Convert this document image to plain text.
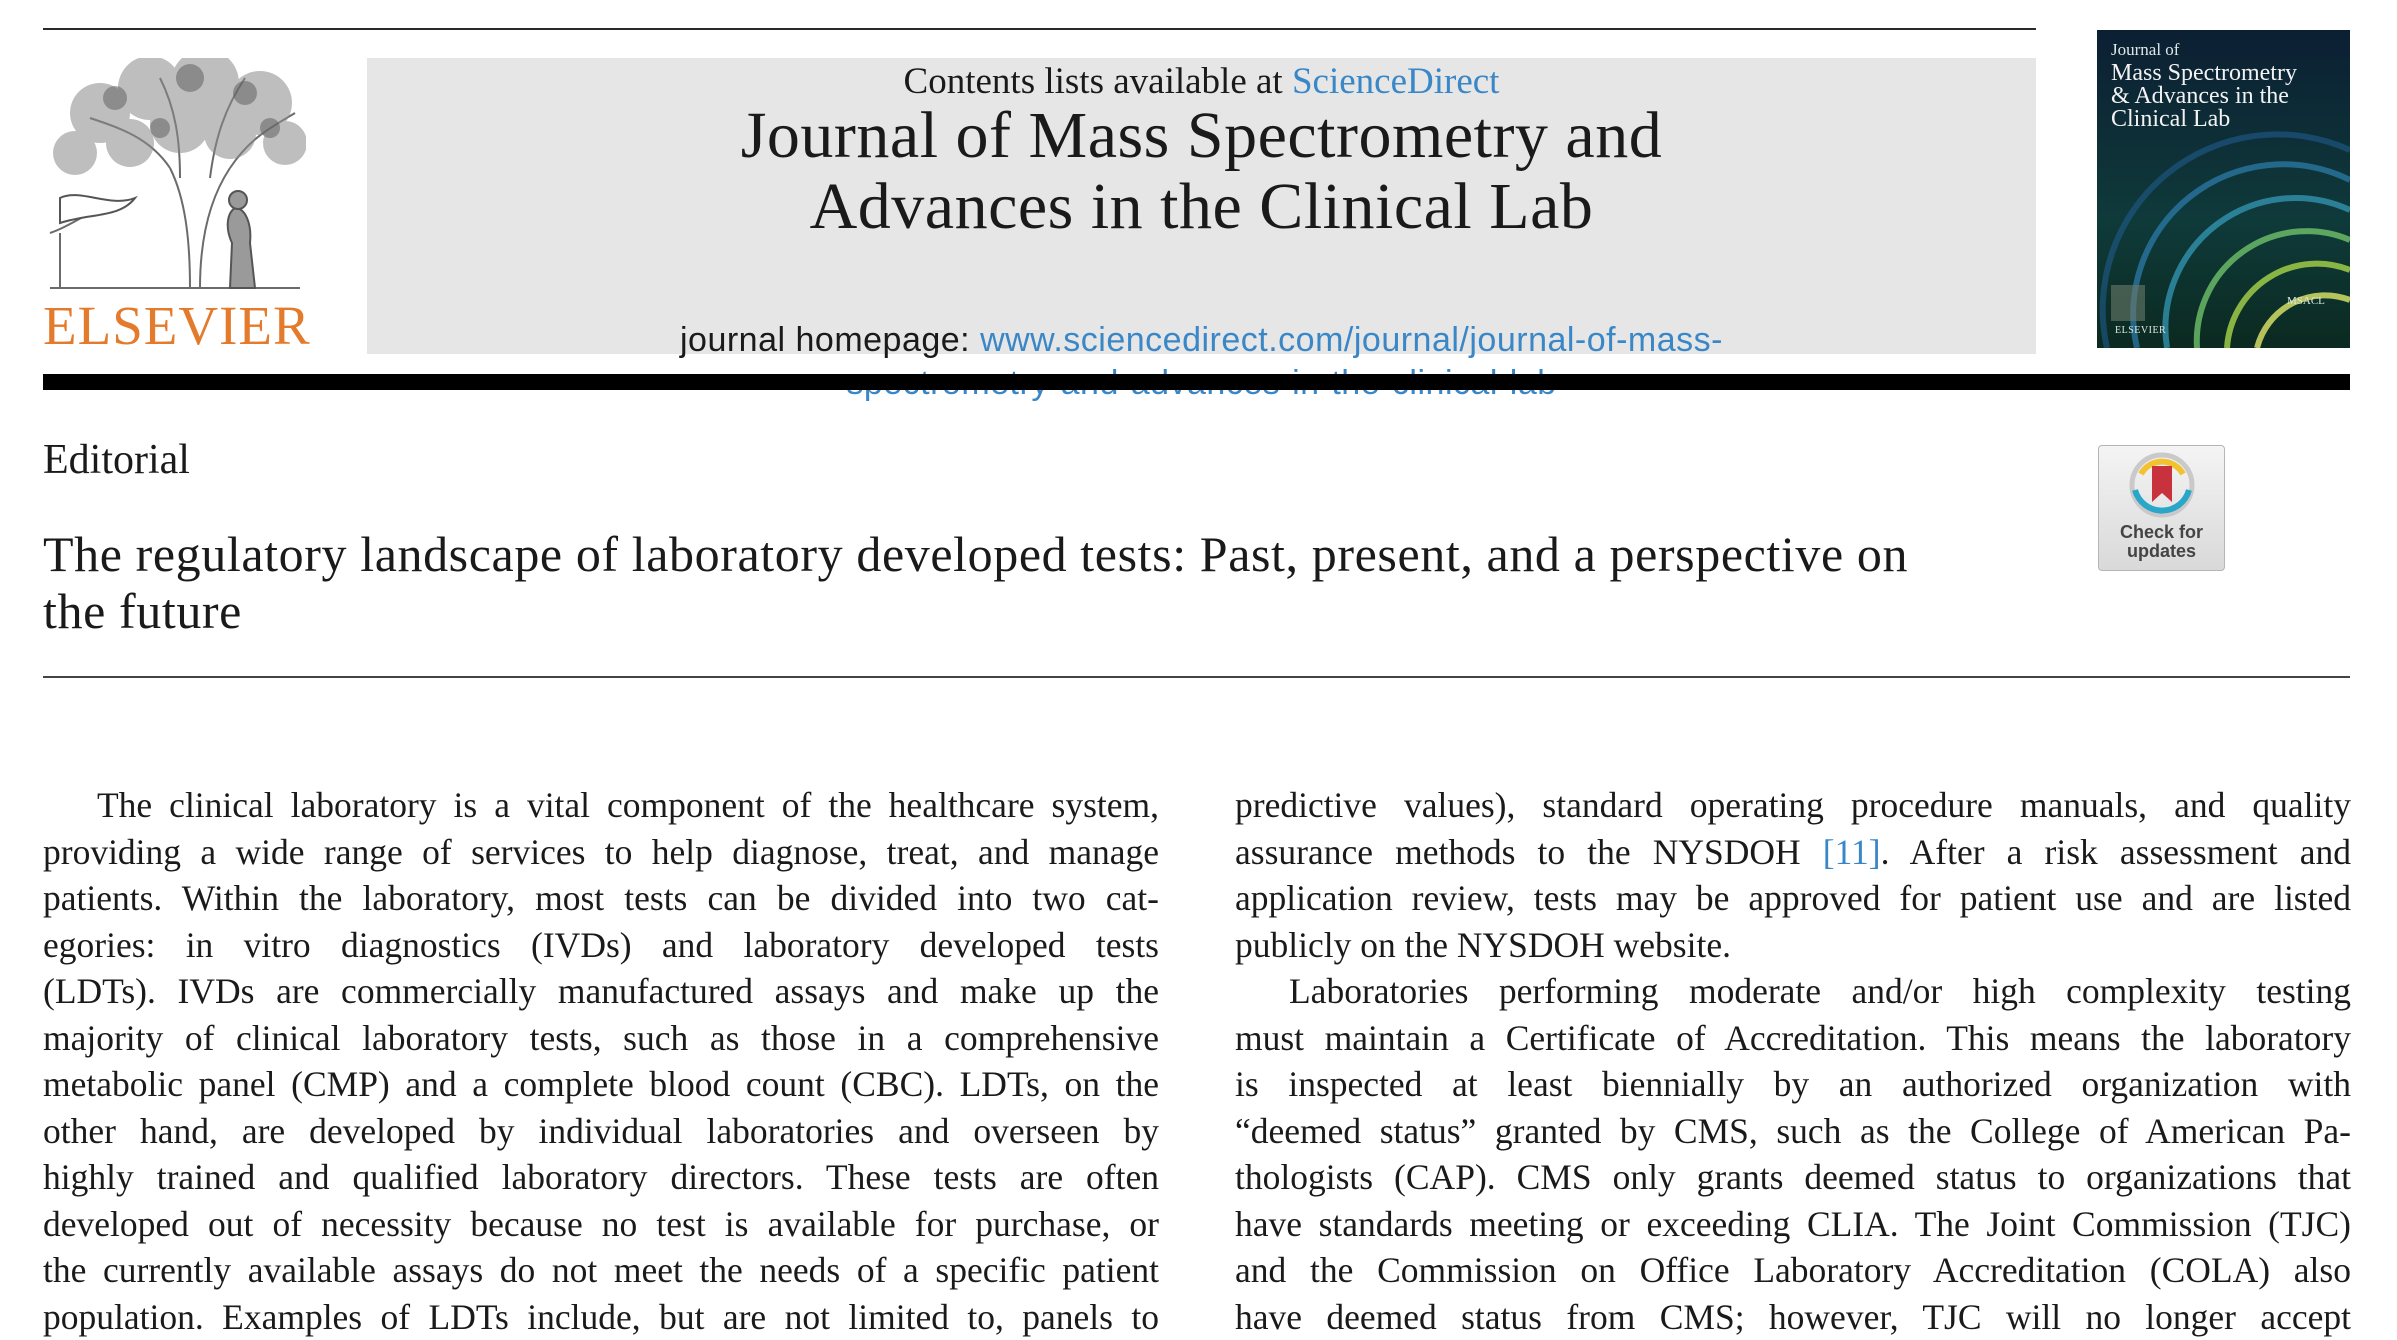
ELSEVIER
Contents lists available at ScienceDirect
Journal of Mass Spectrometry and
Advances in the Clinical Lab
journal homepage: www.sciencedirect.com/journal/journal-of-mass-
Journal of
Mass Spectrometry
& Advances in the
Clinical Lab
ELSEVIER
MSACL
Editorial
The regulatory landscape of laboratory developed tests: Past, present, and a perspective on
the future
Check for
updates
The clinical laboratory is a vital component of the healthcare system,
providing a wide range of services to help diagnose, treat, and manage
patients. Within the laboratory, most tests can be divided into two cat-
egories: in vitro diagnostics (IVDs) and laboratory developed tests
(LDTs). IVDs are commercially manufactured assays and make up the
majority of clinical laboratory tests, such as those in a comprehensive
metabolic panel (CMP) and a complete blood count (CBC). LDTs, on the
other hand, are developed by individual laboratories and overseen by
highly trained and qualified laboratory directors. These tests are often
developed out of necessity because no test is available for purchase, or
the currently available assays do not meet the needs of a specific patient
population. Examples of LDTs include, but are not limited to, panels to
predictive values), standard operating procedure manuals, and quality
assurance methods to the NYSDOH [11]. After a risk assessment and
application review, tests may be approved for patient use and are listed
publicly on the NYSDOH website.
Laboratories performing moderate and/or high complexity testing
must maintain a Certificate of Accreditation. This means the laboratory
is inspected at least biennially by an authorized organization with
“deemed status” granted by CMS, such as the College of American Pa-
thologists (CAP). CMS only grants deemed status to organizations that
have standards meeting or exceeding CLIA. The Joint Commission (TJC)
and the Commission on Office Laboratory Accreditation (COLA) also
have deemed status from CMS; however, TJC will no longer accept
